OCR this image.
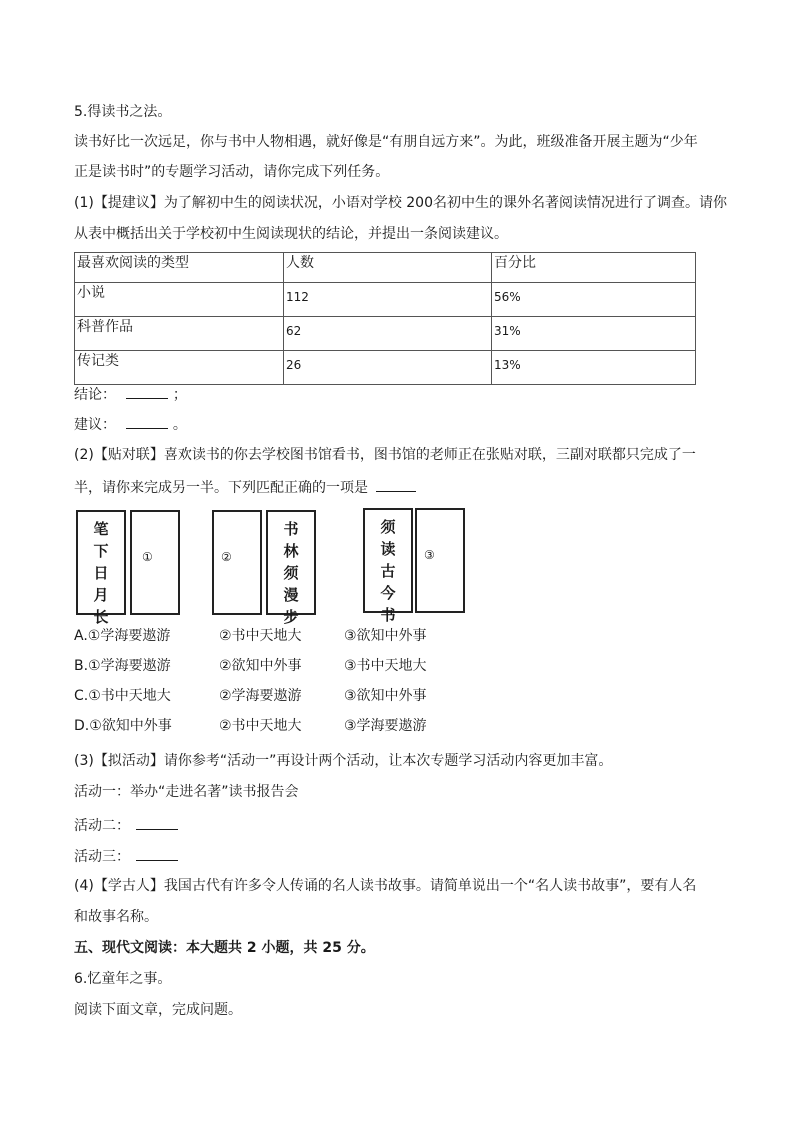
5.得读书之法。
读书好比一次远足，你与书中人物相遇，就好像是“有朋自远方来”。为此，班级准备开展主题为“少年
正是读书时”的专题学习活动，请你完成下列任务。
(1)【提建议】为了解初中生的阅读状况，小语对学校 200名初中生的课外名著阅读情况进行了调查。请你
从表中概括出关于学校初中生阅读现状的结论，并提出一条阅读建议。
最喜欢阅读的类型	人数	百分比
小说	112	56%
科普作品	62	31%
传记类	26	13%
结论：	；
建议：	。
(2)【贴对联】喜欢读书的你去学校图书馆看书，图书馆的老师正在张贴对联，三副对联都只完成了一
半，请你来完成另一半。下列匹配正确的一项是
笔
下
日
月
长
①	②
书
林
须
漫
步
须
读
古
今
书
③
A.①学海要遨游	②书中天地大	③欲知中外事
B.①学海要遨游	②欲知中外事	③书中天地大
C.①书中天地大	②学海要遨游	③欲知中外事
D.①欲知中外事	②书中天地大	③学海要遨游
(3)【拟活动】请你参考“活动一”再设计两个活动，让本次专题学习活动内容更加丰富。
活动一：举办“走进名著”读书报告会
活动二：
活动三：
(4)【学古人】我国古代有许多令人传诵的名人读书故事。请简单说出一个“名人读书故事”，要有人名
和故事名称。
五、现代文阅读：本大题共 2 小题，共 25 分。
6.忆童年之事。
阅读下面文章，完成问题。
